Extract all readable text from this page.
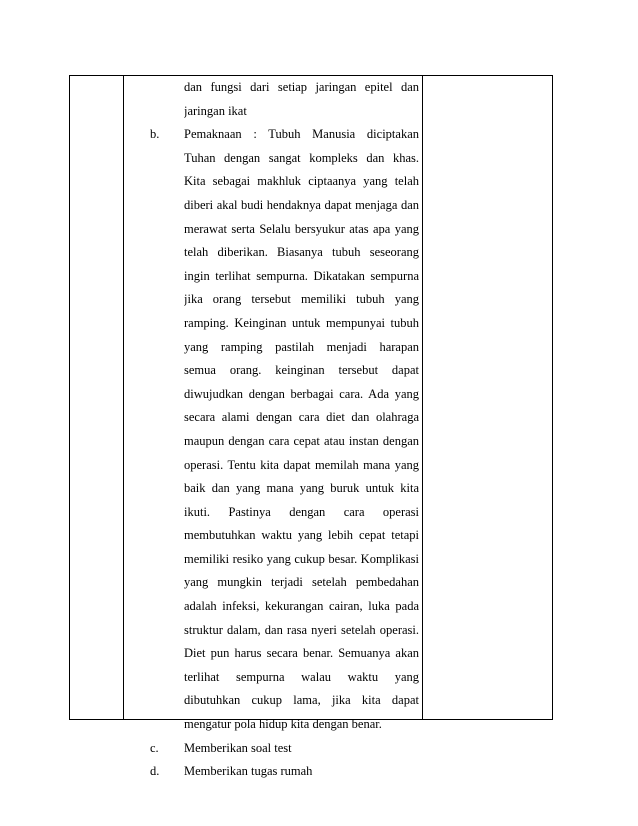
dan fungsi dari setiap jaringan epitel dan
jaringan ikat
b. Pemaknaan : Tubuh Manusia diciptakan
Tuhan dengan sangat kompleks dan khas.
Kita sebagai makhluk ciptaanya yang telah
diberi akal budi hendaknya dapat menjaga dan
merawat serta Selalu bersyukur atas apa yang
telah diberikan. Biasanya tubuh seseorang
ingin terlihat sempurna. Dikatakan sempurna
jika orang tersebut memiliki tubuh yang
ramping. Keinginan untuk mempunyai tubuh
yang ramping pastilah menjadi harapan
semua orang. keinginan tersebut dapat
diwujudkan dengan berbagai cara. Ada yang
secara alami dengan cara diet dan olahraga
maupun dengan cara cepat atau instan dengan
operasi. Tentu kita dapat memilah mana yang
baik dan yang mana yang buruk untuk kita
ikuti. Pastinya dengan cara operasi
membutuhkan waktu yang lebih cepat tetapi
memiliki resiko yang cukup besar. Komplikasi
yang mungkin terjadi setelah pembedahan
adalah infeksi, kekurangan cairan, luka pada
struktur dalam, dan rasa nyeri setelah operasi.
Diet pun harus secara benar. Semuanya akan
terlihat sempurna walau waktu yang
dibutuhkan cukup lama, jika kita dapat
mengatur pola hidup kita dengan benar.
c. Memberikan soal test
d. Memberikan tugas rumah
